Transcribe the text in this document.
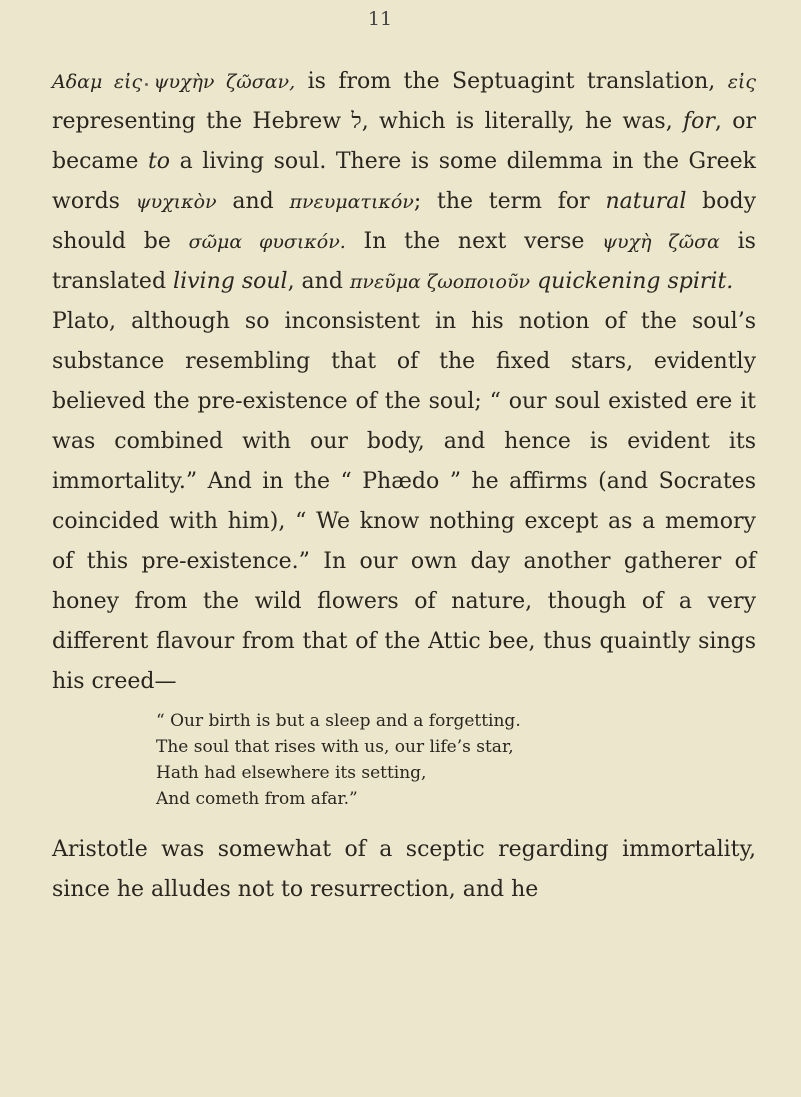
11

Αδαμ εἰς ψυχὴν ζῶσαν, is from the Septuagint translation, εἰς representing the Hebrew ל, which is literally, he was, for, or became to a living soul. There is some dilemma in the Greek words ψυχικὸν and πνευματικόν; the term for natural body should be σῶμα φυσικόν. In the next verse ψυχὴ ζῶσα is translated living soul, and πνεῦμα ζωοποιοῦν quickening spirit.

Plato, although so inconsistent in his notion of the soul’s substance resembling that of the fixed stars, evidently believed the pre-existence of the soul; “ our soul existed ere it was combined with our body, and hence is evident its immortality.” And in the “ Phædo ” he affirms (and Socrates coincided with him), “ We know nothing except as a memory of this pre-existence.” In our own day another gatherer of honey from the wild flowers of nature, though of a very different flavour from that of the Attic bee, thus quaintly sings his creed—

“ Our birth is but a sleep and a forgetting.
The soul that rises with us, our life’s star,
Hath had elsewhere its setting,
And cometh from afar.”

Aristotle was somewhat of a sceptic regarding immortality, since he alludes not to resurrection, and he
